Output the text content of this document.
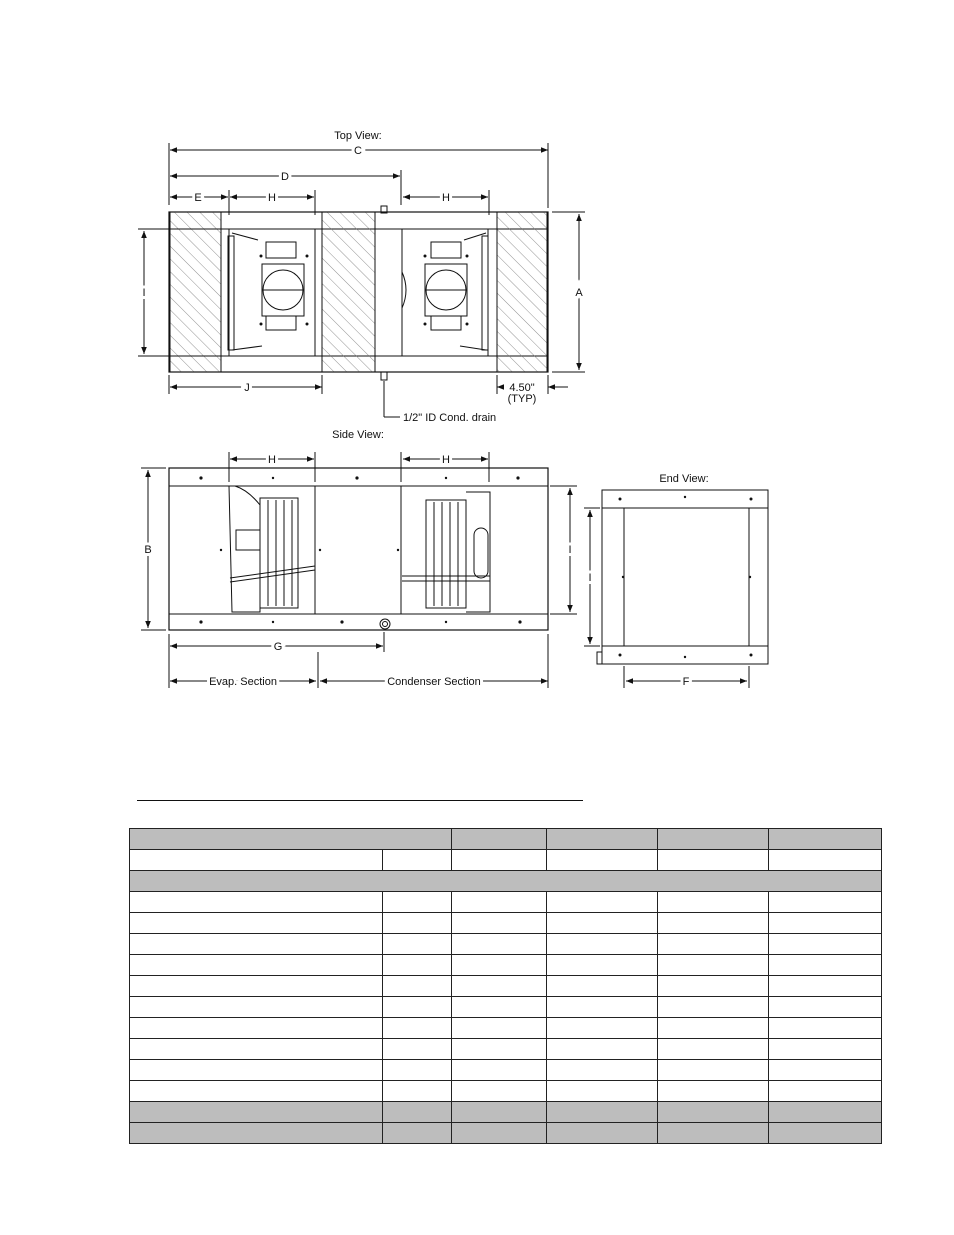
Top View:
C
D
E	H	H
A
I
J	4.50"
(TYP)
1/2" ID Cond. drain
Side View:
H	H
B	I
G
Evap. Section	Condenser Section
End View:
I
F
